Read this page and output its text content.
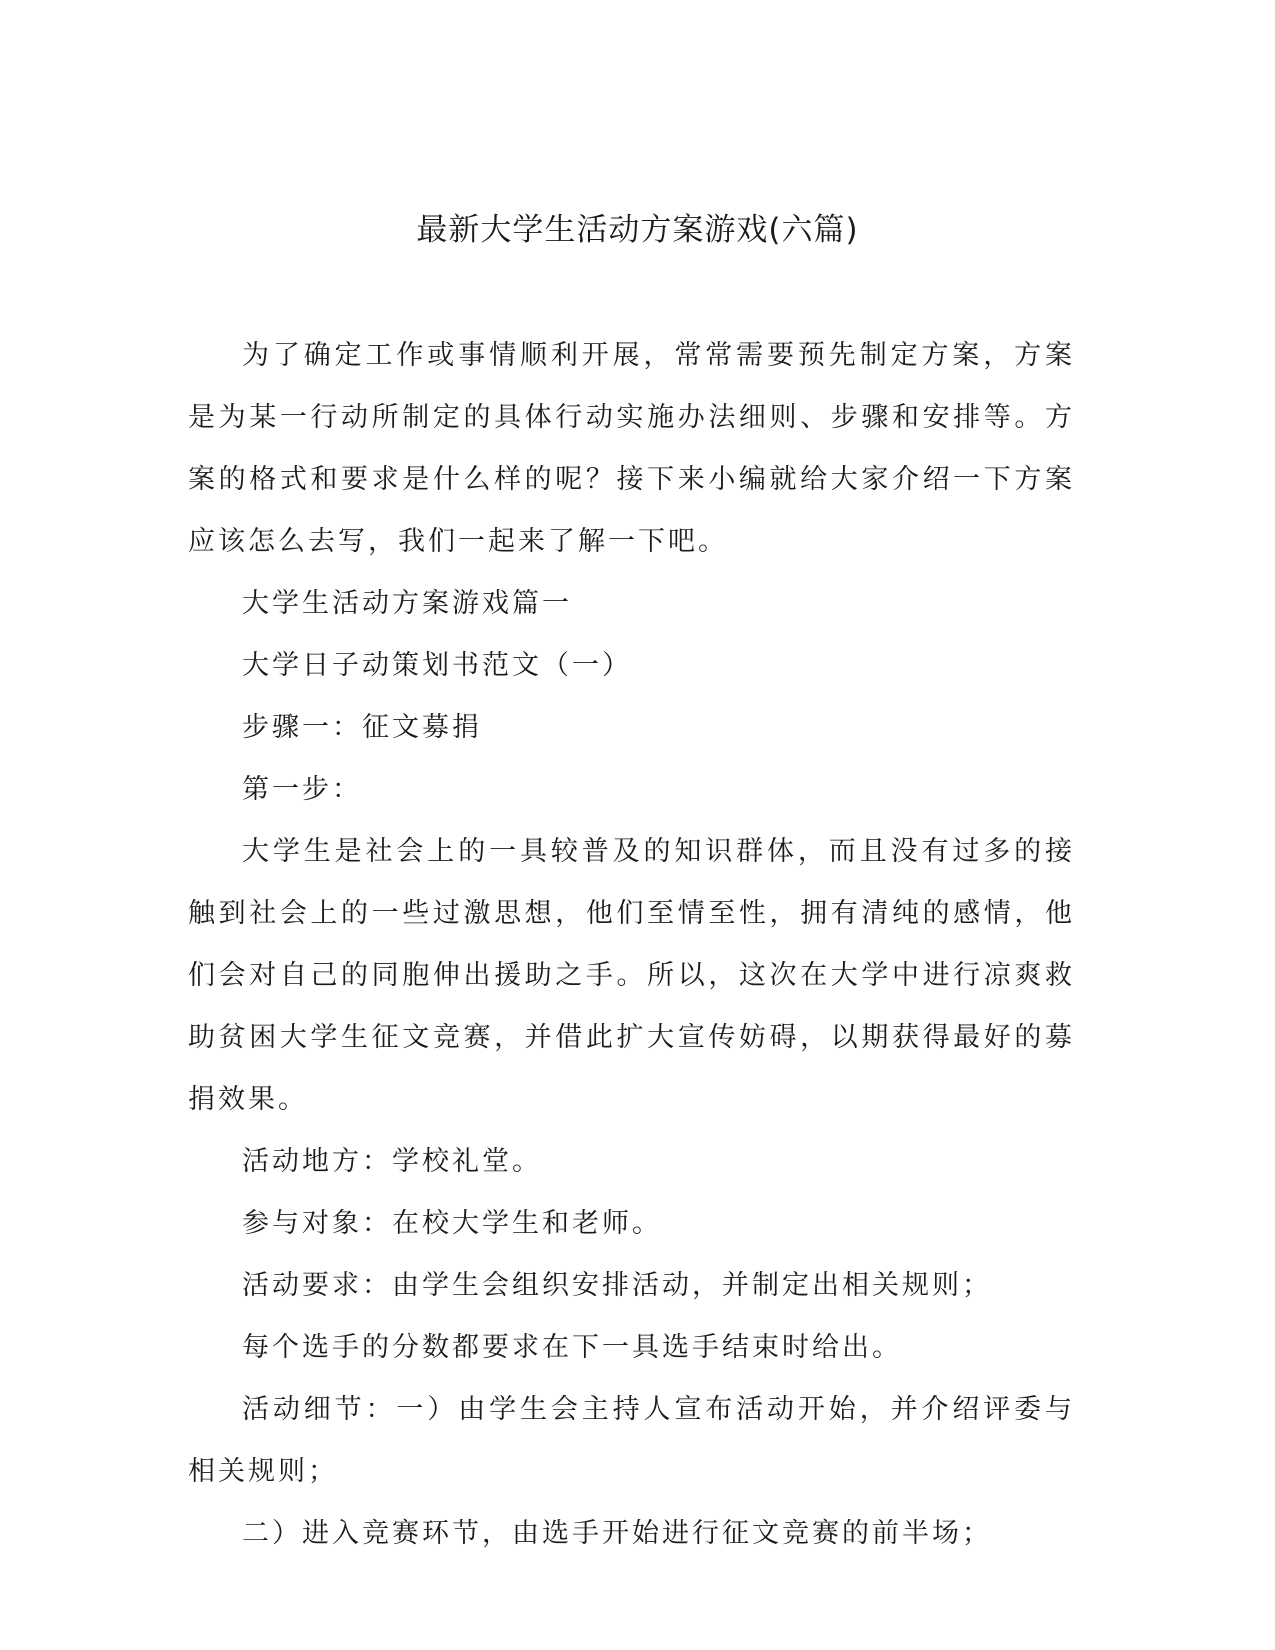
最新大学生活动方案游戏(六篇)

为了确定工作或事情顺利开展，常常需要预先制定方案，方案是为某一行动所制定的具体行动实施办法细则、步骤和安排等。方案的格式和要求是什么样的呢？接下来小编就给大家介绍一下方案应该怎么去写，我们一起来了解一下吧。

大学生活动方案游戏篇一

大学日子动策划书范文（一）

步骤一：征文募捐

第一步：

大学生是社会上的一具较普及的知识群体，而且没有过多的接触到社会上的一些过激思想，他们至情至性，拥有清纯的感情，他们会对自己的同胞伸出援助之手。所以，这次在大学中进行凉爽救助贫困大学生征文竞赛，并借此扩大宣传妨碍，以期获得最好的募捐效果。

活动地方：学校礼堂。

参与对象：在校大学生和老师。

活动要求：由学生会组织安排活动，并制定出相关规则；

每个选手的分数都要求在下一具选手结束时给出。

活动细节：一）由学生会主持人宣布活动开始，并介绍评委与相关规则；

二）进入竞赛环节，由选手开始进行征文竞赛的前半场；
